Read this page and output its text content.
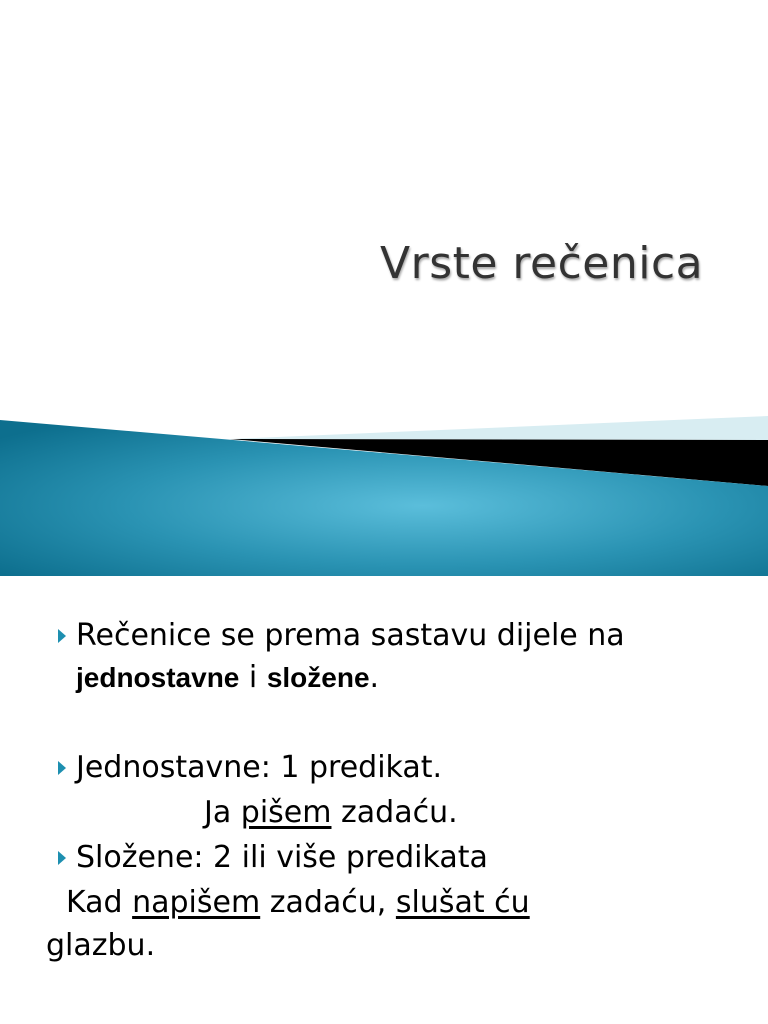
Vrste rečenica
Rečenice se prema sastavu dijele na
jednostavne i složene.
Jednostavne: 1 predikat.
Ja pišem zadaću.
Složene: 2 ili više predikata
Kad napišem zadaću, slušat ću
glazbu.
